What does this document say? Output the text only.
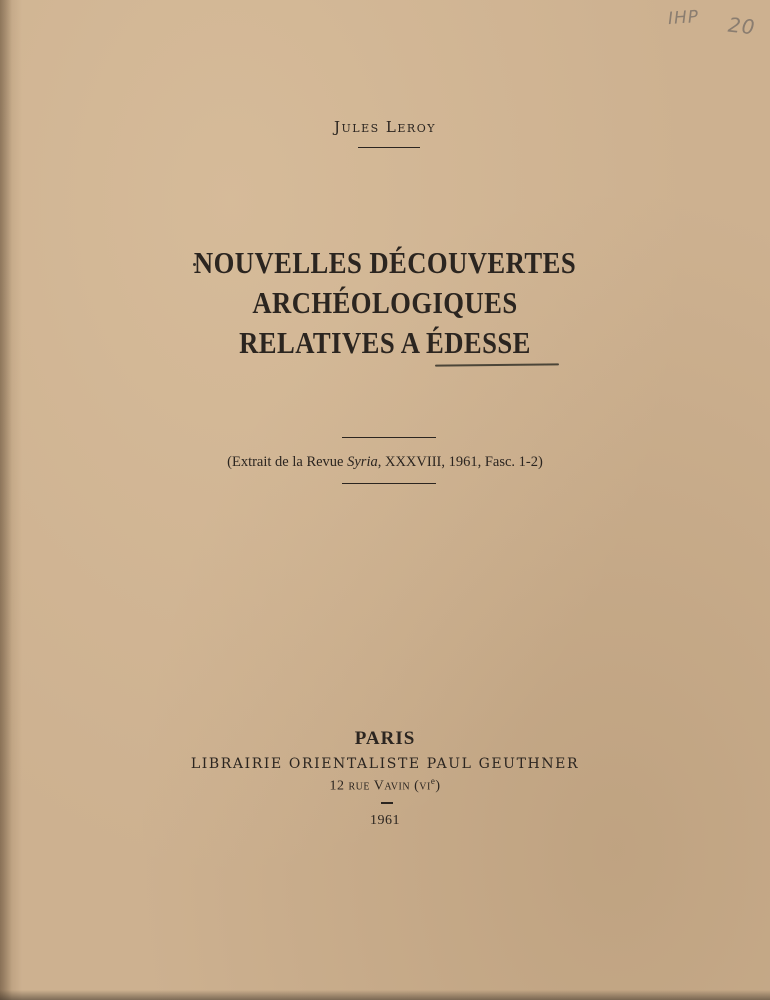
IHP 20
Jules Leroy
NOUVELLES DÉCOUVERTES
ARCHÉOLOGIQUES
RELATIVES A ÉDESSE
(Extrait de la Revue Syria, XXXVIII, 1961, Fasc. 1-2)
PARIS
LIBRAIRIE ORIENTALISTE PAUL GEUTHNER
12 rue Vavin $(vi^e)$
1961
